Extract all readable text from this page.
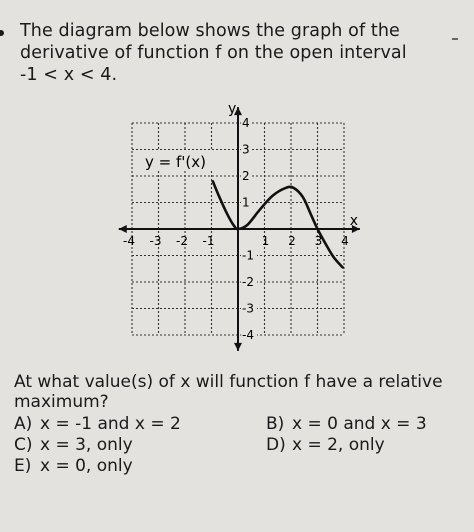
The diagram below shows the graph of the
derivative of function f on the open interval
-1 < x < 4.
-4 -3 -2 -1	1 2 3 4
4
3
2
1
-1
-2
-3
-4
y = f'(x)
y
x
At what value(s) of x will function f have a relative
maximum?
A) x = -1 and x = 2	B) x = 0 and x = 3
C) x = 3, only	D) x = 2, only
E) x = 0, only
